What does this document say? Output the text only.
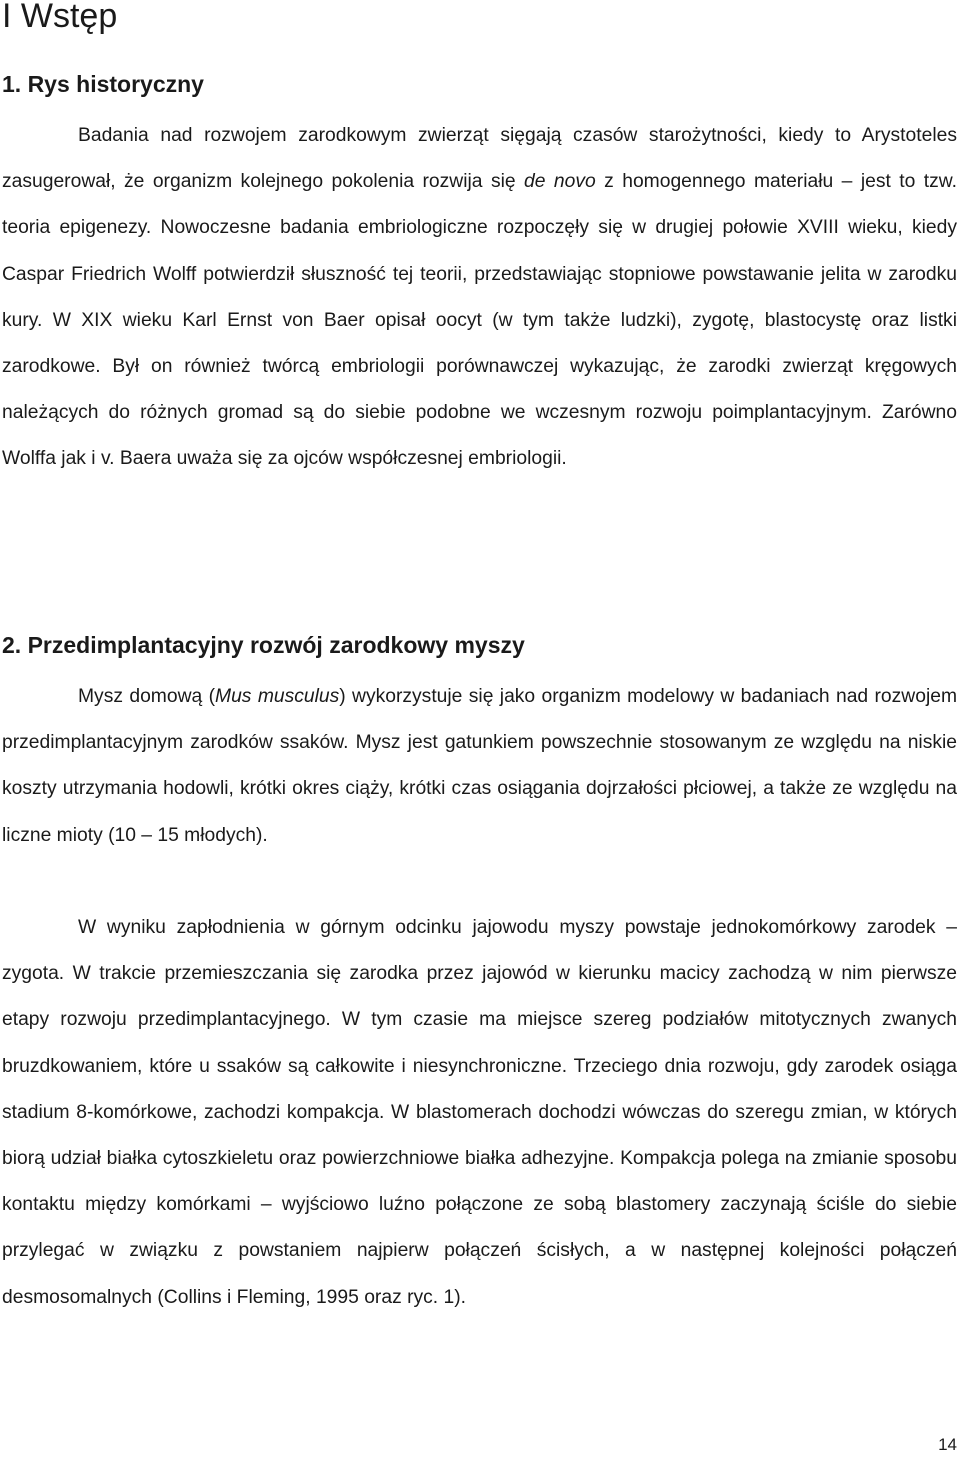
I Wstęp
1. Rys historyczny

Badania nad rozwojem zarodkowym zwierząt sięgają czasów starożytności, kiedy to Arystoteles zasugerował, że organizm kolejnego pokolenia rozwija się de novo z homogennego materiału – jest to tzw. teoria epigenezy. Nowoczesne badania embriologiczne rozpoczęły się w drugiej połowie XVIII wieku, kiedy Caspar Friedrich Wolff potwierdził słuszność tej teorii, przedstawiając stopniowe powstawanie jelita w zarodku kury. W XIX wieku Karl Ernst von Baer opisał oocyt (w tym także ludzki), zygotę, blastocystę oraz listki zarodkowe. Był on również twórcą embriologii porównawczej wykazując, że zarodki zwierząt kręgowych należących do różnych gromad są do siebie podobne we wczesnym rozwoju poimplantacyjnym. Zarówno Wolffa jak i v. Baera uważa się za ojców współczesnej embriologii.

2. Przedimplantacyjny rozwój zarodkowy myszy

Mysz domową (Mus musculus) wykorzystuje się jako organizm modelowy w badaniach nad rozwojem przedimplantacyjnym zarodków ssaków. Mysz jest gatunkiem powszechnie stosowanym ze względu na niskie koszty utrzymania hodowli, krótki okres ciąży, krótki czas osiągania dojrzałości płciowej, a także ze względu na liczne mioty (10 – 15 młodych).

W wyniku zapłodnienia w górnym odcinku jajowodu myszy powstaje jednokomórkowy zarodek – zygota. W trakcie przemieszczania się zarodka przez jajowód w kierunku macicy zachodzą w nim pierwsze etapy rozwoju przedimplantacyjnego. W tym czasie ma miejsce szereg podziałów mitotycznych zwanych bruzdkowaniem, które u ssaków są całkowite i niesynchroniczne. Trzeciego dnia rozwoju, gdy zarodek osiąga stadium 8-komórkowe, zachodzi kompakcja. W blastomerach dochodzi wówczas do szeregu zmian, w których biorą udział białka cytoszkieletu oraz powierzchniowe białka adhezyjne. Kompakcja polega na zmianie sposobu kontaktu między komórkami – wyjściowo luźno połączone ze sobą blastomery zaczynają ściśle do siebie przylegać w związku z powstaniem najpierw połączeń ścisłych, a w następnej kolejności połączeń desmosomalnych (Collins i Fleming, 1995 oraz ryc. 1).

14
